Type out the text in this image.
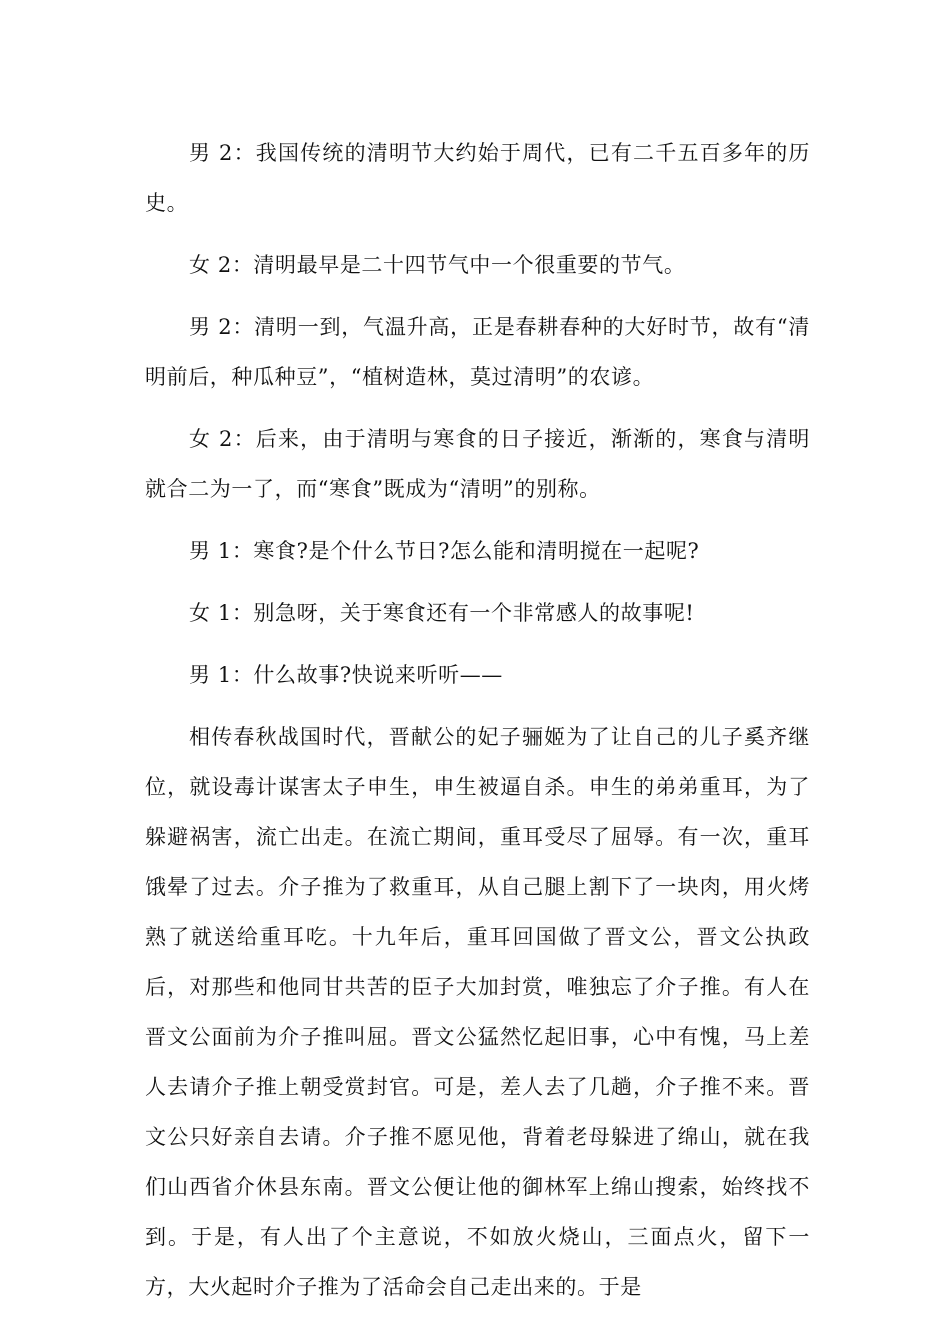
男 2：我国传统的清明节大约始于周代，已有二千五百多年的历史。

女 2：清明最早是二十四节气中一个很重要的节气。

男 2：清明一到，气温升高，正是春耕春种的大好时节，故有“清明前后，种瓜种豆”，“植树造林，莫过清明”的农谚。

女 2：后来，由于清明与寒食的日子接近，渐渐的，寒食与清明就合二为一了，而“寒食”既成为“清明”的别称。

男 1：寒食?是个什么节日?怎么能和清明搅在一起呢?

女 1：别急呀，关于寒食还有一个非常感人的故事呢!

男 1：什么故事?快说来听听——

相传春秋战国时代，晋献公的妃子骊姬为了让自己的儿子奚齐继位，就设毒计谋害太子申生，申生被逼自杀。申生的弟弟重耳，为了躲避祸害，流亡出走。在流亡期间，重耳受尽了屈辱。有一次，重耳饿晕了过去。介子推为了救重耳，从自己腿上割下了一块肉，用火烤熟了就送给重耳吃。十九年后，重耳回国做了晋文公，晋文公执政后，对那些和他同甘共苦的臣子大加封赏，唯独忘了介子推。有人在晋文公面前为介子推叫屈。晋文公猛然忆起旧事，心中有愧，马上差人去请介子推上朝受赏封官。可是，差人去了几趟，介子推不来。晋文公只好亲自去请。介子推不愿见他，背着老母躲进了绵山，就在我们山西省介休县东南。晋文公便让他的御林军上绵山搜索，始终找不到。于是，有人出了个主意说，不如放火烧山，三面点火，留下一方，大火起时介子推为了活命会自己走出来的。于是
